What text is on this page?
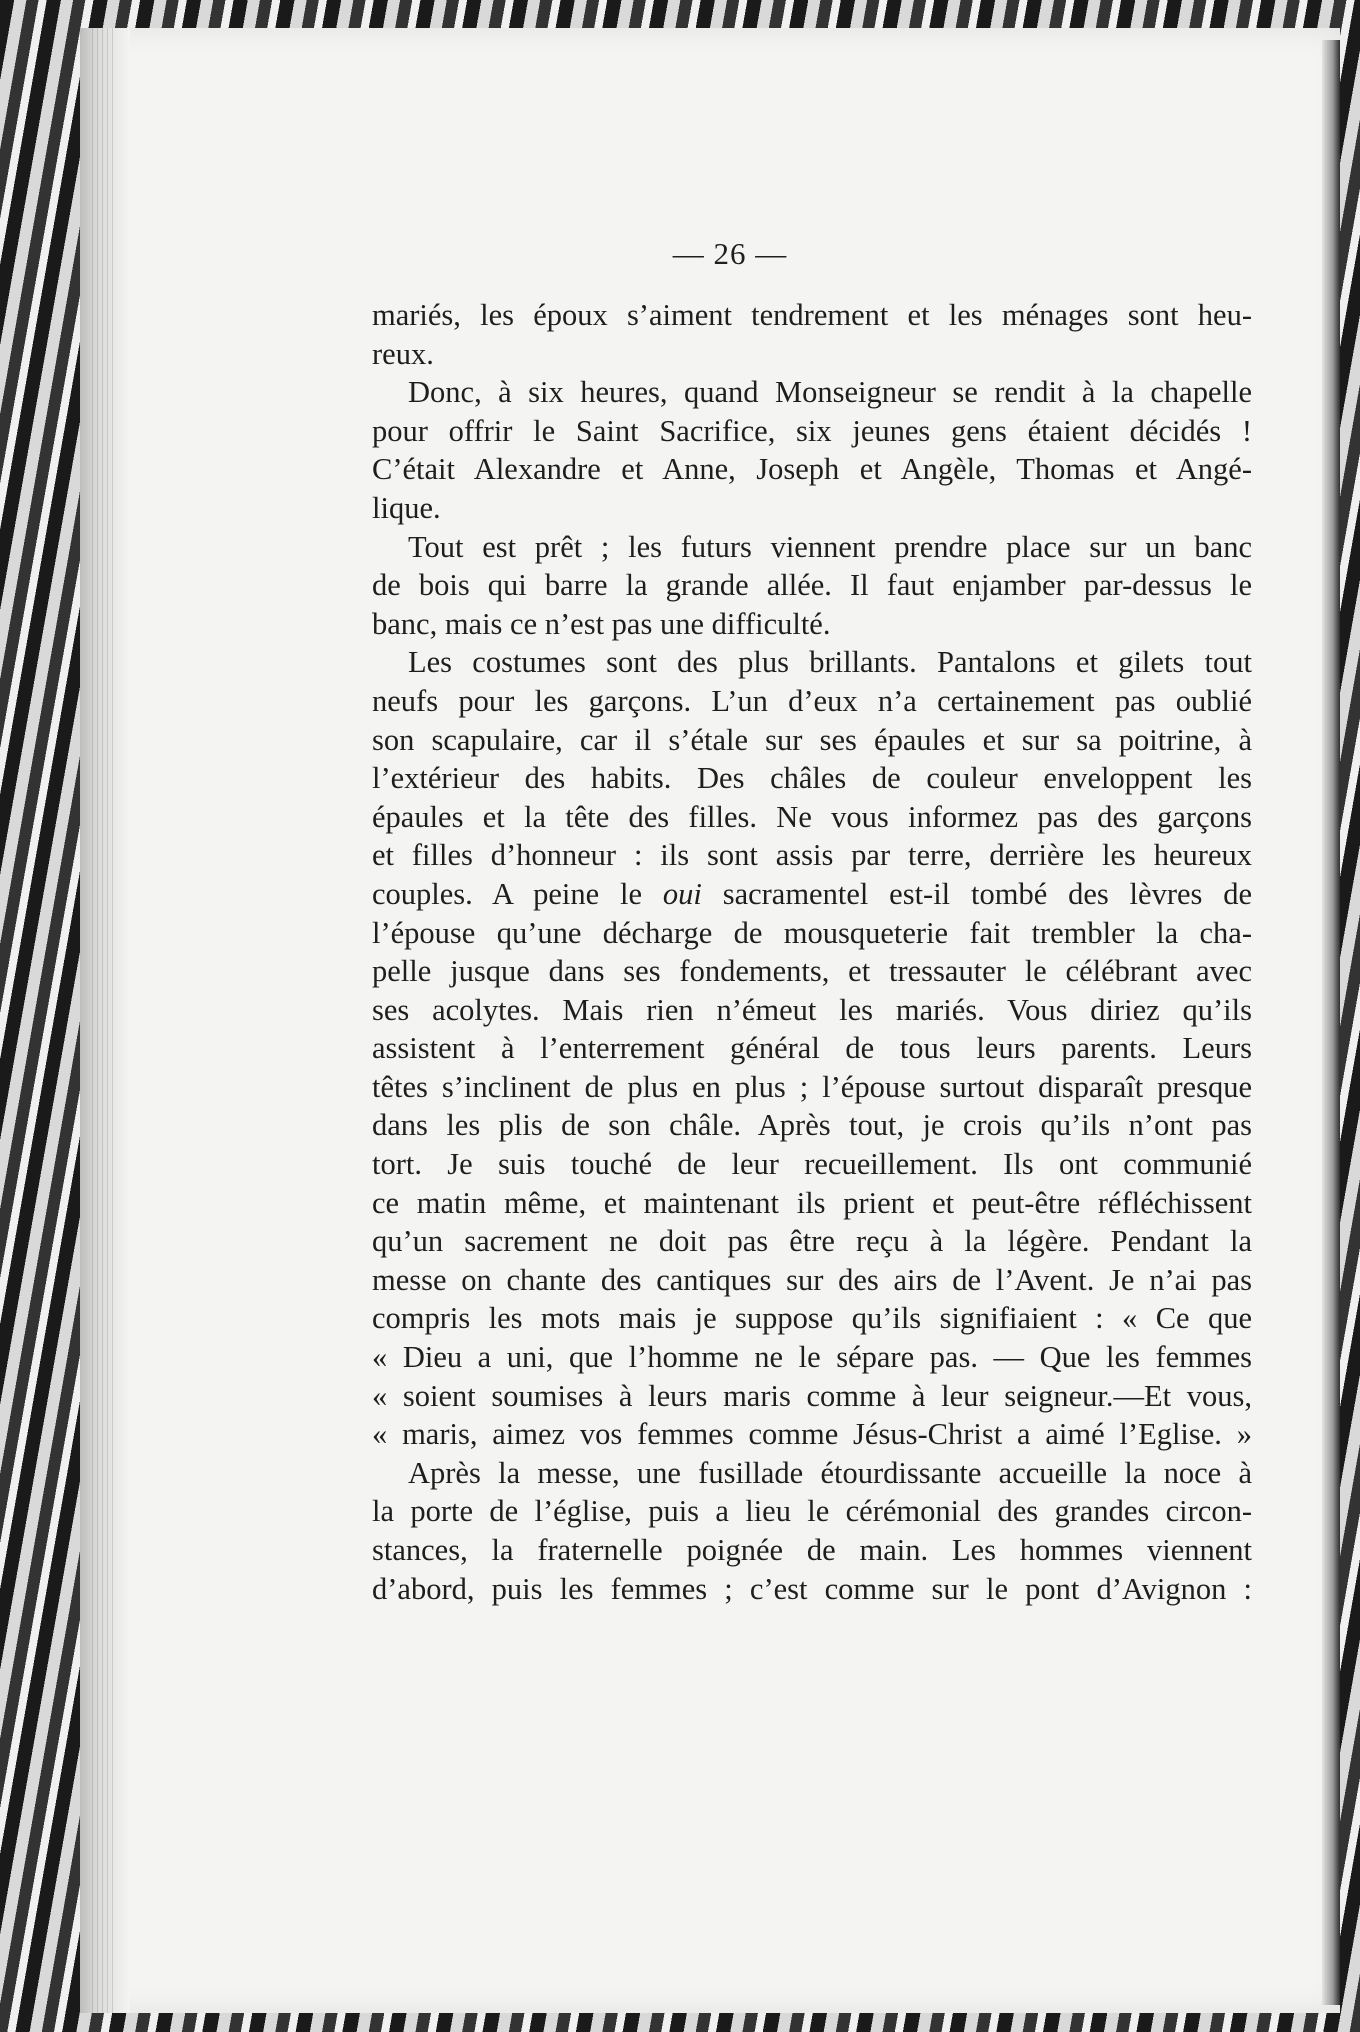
— 26 —
mariés, les époux s’aiment tendrement et les ménages sont heu-
reux.
Donc, à six heures, quand Monseigneur se rendit à la chapelle
pour offrir le Saint Sacrifice, six jeunes gens étaient décidés !
C’était Alexandre et Anne, Joseph et Angèle, Thomas et Angé-
lique.
Tout est prêt ; les futurs viennent prendre place sur un banc
de bois qui barre la grande allée. Il faut enjamber par-dessus le
banc, mais ce n’est pas une difficulté.
Les costumes sont des plus brillants. Pantalons et gilets tout
neufs pour les garçons. L’un d’eux n’a certainement pas oublié
son scapulaire, car il s’étale sur ses épaules et sur sa poitrine, à
l’extérieur des habits. Des châles de couleur enveloppent les
épaules et la tête des filles. Ne vous informez pas des garçons
et filles d’honneur : ils sont assis par terre, derrière les heureux
couples. A peine le oui sacramentel est-il tombé des lèvres de
l’épouse qu’une décharge de mousqueterie fait trembler la cha-
pelle jusque dans ses fondements, et tressauter le célébrant avec
ses acolytes. Mais rien n’émeut les mariés. Vous diriez qu’ils
assistent à l’enterrement général de tous leurs parents. Leurs
têtes s’inclinent de plus en plus ; l’épouse surtout disparaît presque
dans les plis de son châle. Après tout, je crois qu’ils n’ont pas
tort. Je suis touché de leur recueillement. Ils ont communié
ce matin même, et maintenant ils prient et peut-être réfléchissent
qu’un sacrement ne doit pas être reçu à la légère. Pendant la
messe on chante des cantiques sur des airs de l’Avent. Je n’ai pas
compris les mots mais je suppose qu’ils signifiaient : « Ce que
« Dieu a uni, que l’homme ne le sépare pas. — Que les femmes
« soient soumises à leurs maris comme à leur seigneur.—Et vous,
« maris, aimez vos femmes comme Jésus-Christ a aimé l’Eglise. »
Après la messe, une fusillade étourdissante accueille la noce à
la porte de l’église, puis a lieu le cérémonial des grandes circon-
stances, la fraternelle poignée de main. Les hommes viennent
d’abord, puis les femmes ; c’est comme sur le pont d’Avignon :
